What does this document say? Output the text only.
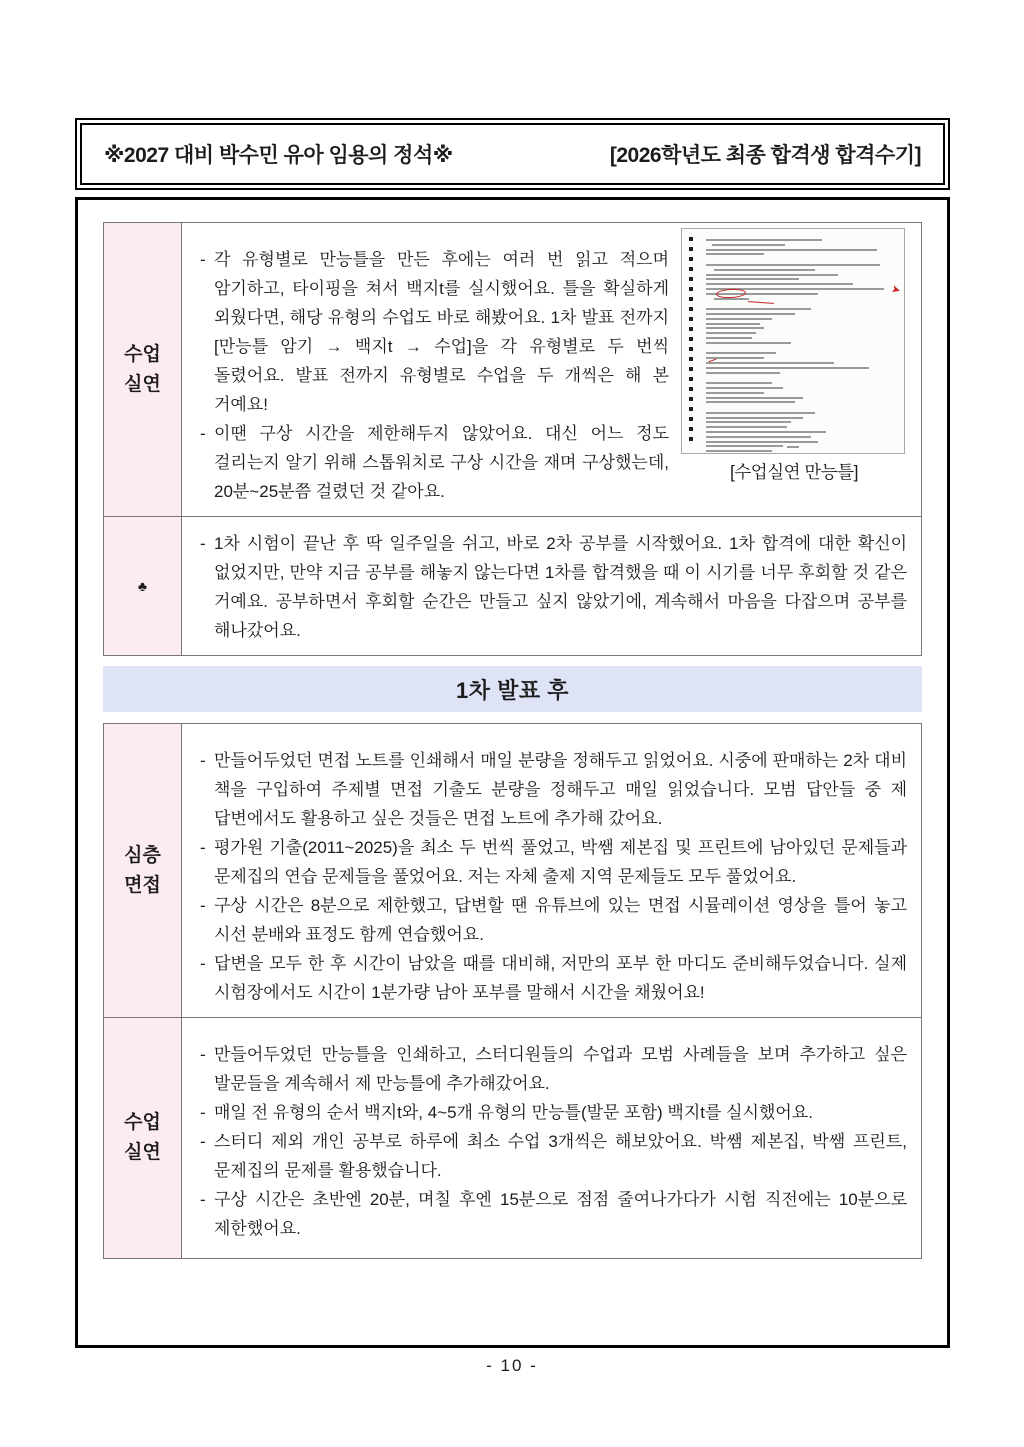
※2027 대비 박수민 유아 임용의 정석※	[2026학년도 최종 합격생 합격수기]
수업
실연

- 각 유형별로 만능틀을 만든 후에는 여러 번 읽고 적으며 암기하고, 타이핑을 쳐서 백지t를 실시했어요. 틀을 확실하게 외웠다면, 해당 유형의 수업도 바로 해봤어요. 1차 발표 전까지 [만능틀 암기 → 백지t → 수업]을 각 유형별로 두 번씩 돌렸어요. 발표 전까지 유형별로 수업을 두 개씩은 해 본 거예요!

- 이땐 구상 시간을 제한해두지 않았어요. 대신 어느 정도 걸리는지 알기 위해 스톱워치로 구상 시간을 재며 구상했는데, 20분~25분쯤 걸렸던 것 같아요.

➤
[수업실연 만능틀]
♣

- 1차 시험이 끝난 후 딱 일주일을 쉬고, 바로 2차 공부를 시작했어요. 1차 합격에 대한 확신이 없었지만, 만약 지금 공부를 해놓지 않는다면 1차를 합격했을 때 이 시기를 너무 후회할 것 같은 거예요. 공부하면서 후회할 순간은 만들고 싶지 않았기에, 계속해서 마음을 다잡으며 공부를 해나갔어요.

1차 발표 후
심층
면접

- 만들어두었던 면접 노트를 인쇄해서 매일 분량을 정해두고 읽었어요. 시중에 판매하는 2차 대비 책을 구입하여 주제별 면접 기출도 분량을 정해두고 매일 읽었습니다. 모범 답안들 중 제 답변에서도 활용하고 싶은 것들은 면접 노트에 추가해 갔어요.

- 평가원 기출(2011~2025)을 최소 두 번씩 풀었고, 박쌤 제본집 및 프린트에 남아있던 문제들과 문제집의 연습 문제들을 풀었어요. 저는 자체 출제 지역 문제들도 모두 풀었어요.

- 구상 시간은 8분으로 제한했고, 답변할 땐 유튜브에 있는 면접 시뮬레이션 영상을 틀어 놓고 시선 분배와 표정도 함께 연습했어요.

- 답변을 모두 한 후 시간이 남았을 때를 대비해, 저만의 포부 한 마디도 준비해두었습니다. 실제 시험장에서도 시간이 1분가량 남아 포부를 말해서 시간을 채웠어요!

수업
실연

- 만들어두었던 만능틀을 인쇄하고, 스터디원들의 수업과 모범 사례들을 보며 추가하고 싶은 발문들을 계속해서 제 만능틀에 추가해갔어요.

- 매일 전 유형의 순서 백지t와, 4~5개 유형의 만능틀(발문 포함) 백지t를 실시했어요.

- 스터디 제외 개인 공부로 하루에 최소 수업 3개씩은 해보았어요. 박쌤 제본집, 박쌤 프린트, 문제집의 문제를 활용했습니다.

- 구상 시간은 초반엔 20분, 며칠 후엔 15분으로 점점 줄여나가다가 시험 직전에는 10분으로 제한했어요.

- 10 -
